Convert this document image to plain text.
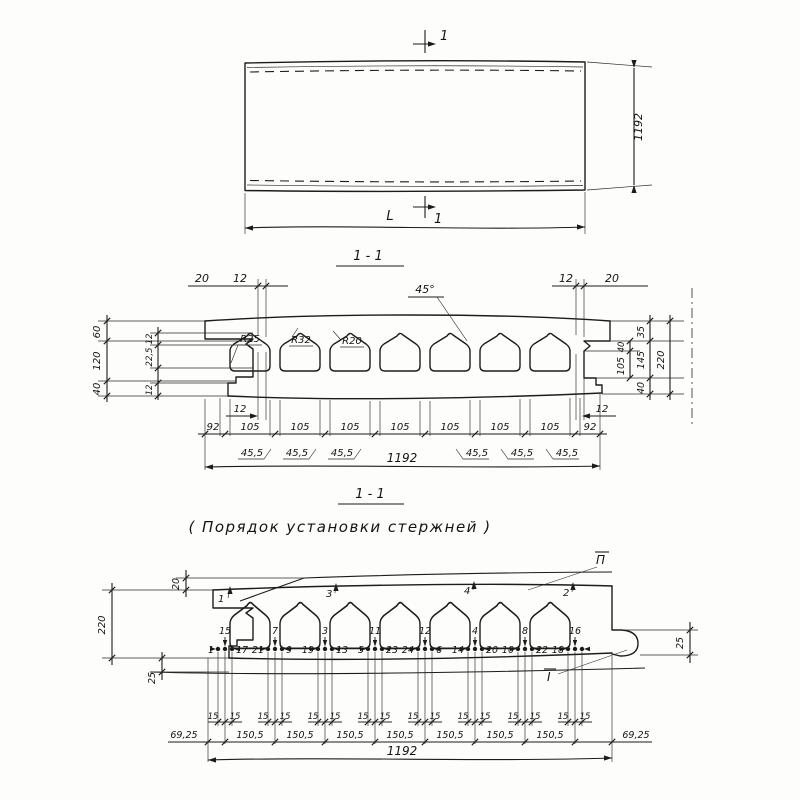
1
1
L
1192
1 - 1
R25	R32	R20
45°
20 12	12	20
60
120
40
12
22,5
12
40
105
35
145
40
220
12	12
92 105	105	105	105	105	105	105 92
45,5 45,5 45,5	45,5 45,5 45,5
1192
1 - 1
( Порядок установки стержней )
1	3	4	2
П
I
1
15
17 21
7
9 19
3
13 5
11
23 24
12
6 14
4
20 10
8
22 18
16
15 15 15 15 15 15 15 15 15 15 15 15 15 15 15 15
69,25	150,5 150,5 150,5 150,5 150,5 150,5 150,5	69,25
1192
20
220
25
25
